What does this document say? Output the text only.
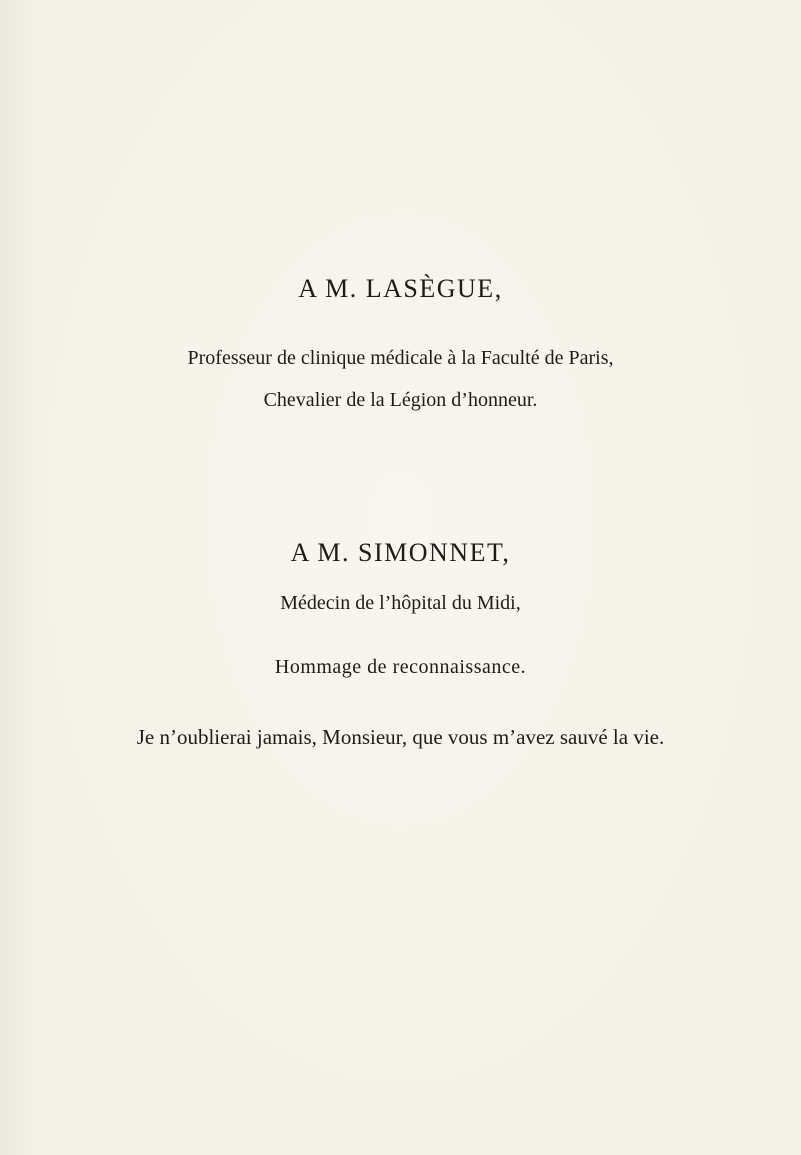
A M. LASÈGUE,
Professeur de clinique médicale à la Faculté de Paris,
Chevalier de la Légion d’honneur.
A M. SIMONNET,
Médecin de l’hôpital du Midi,
Hommage de reconnaissance.
Je n’oublierai jamais, Monsieur, que vous m’avez sauvé la vie.
